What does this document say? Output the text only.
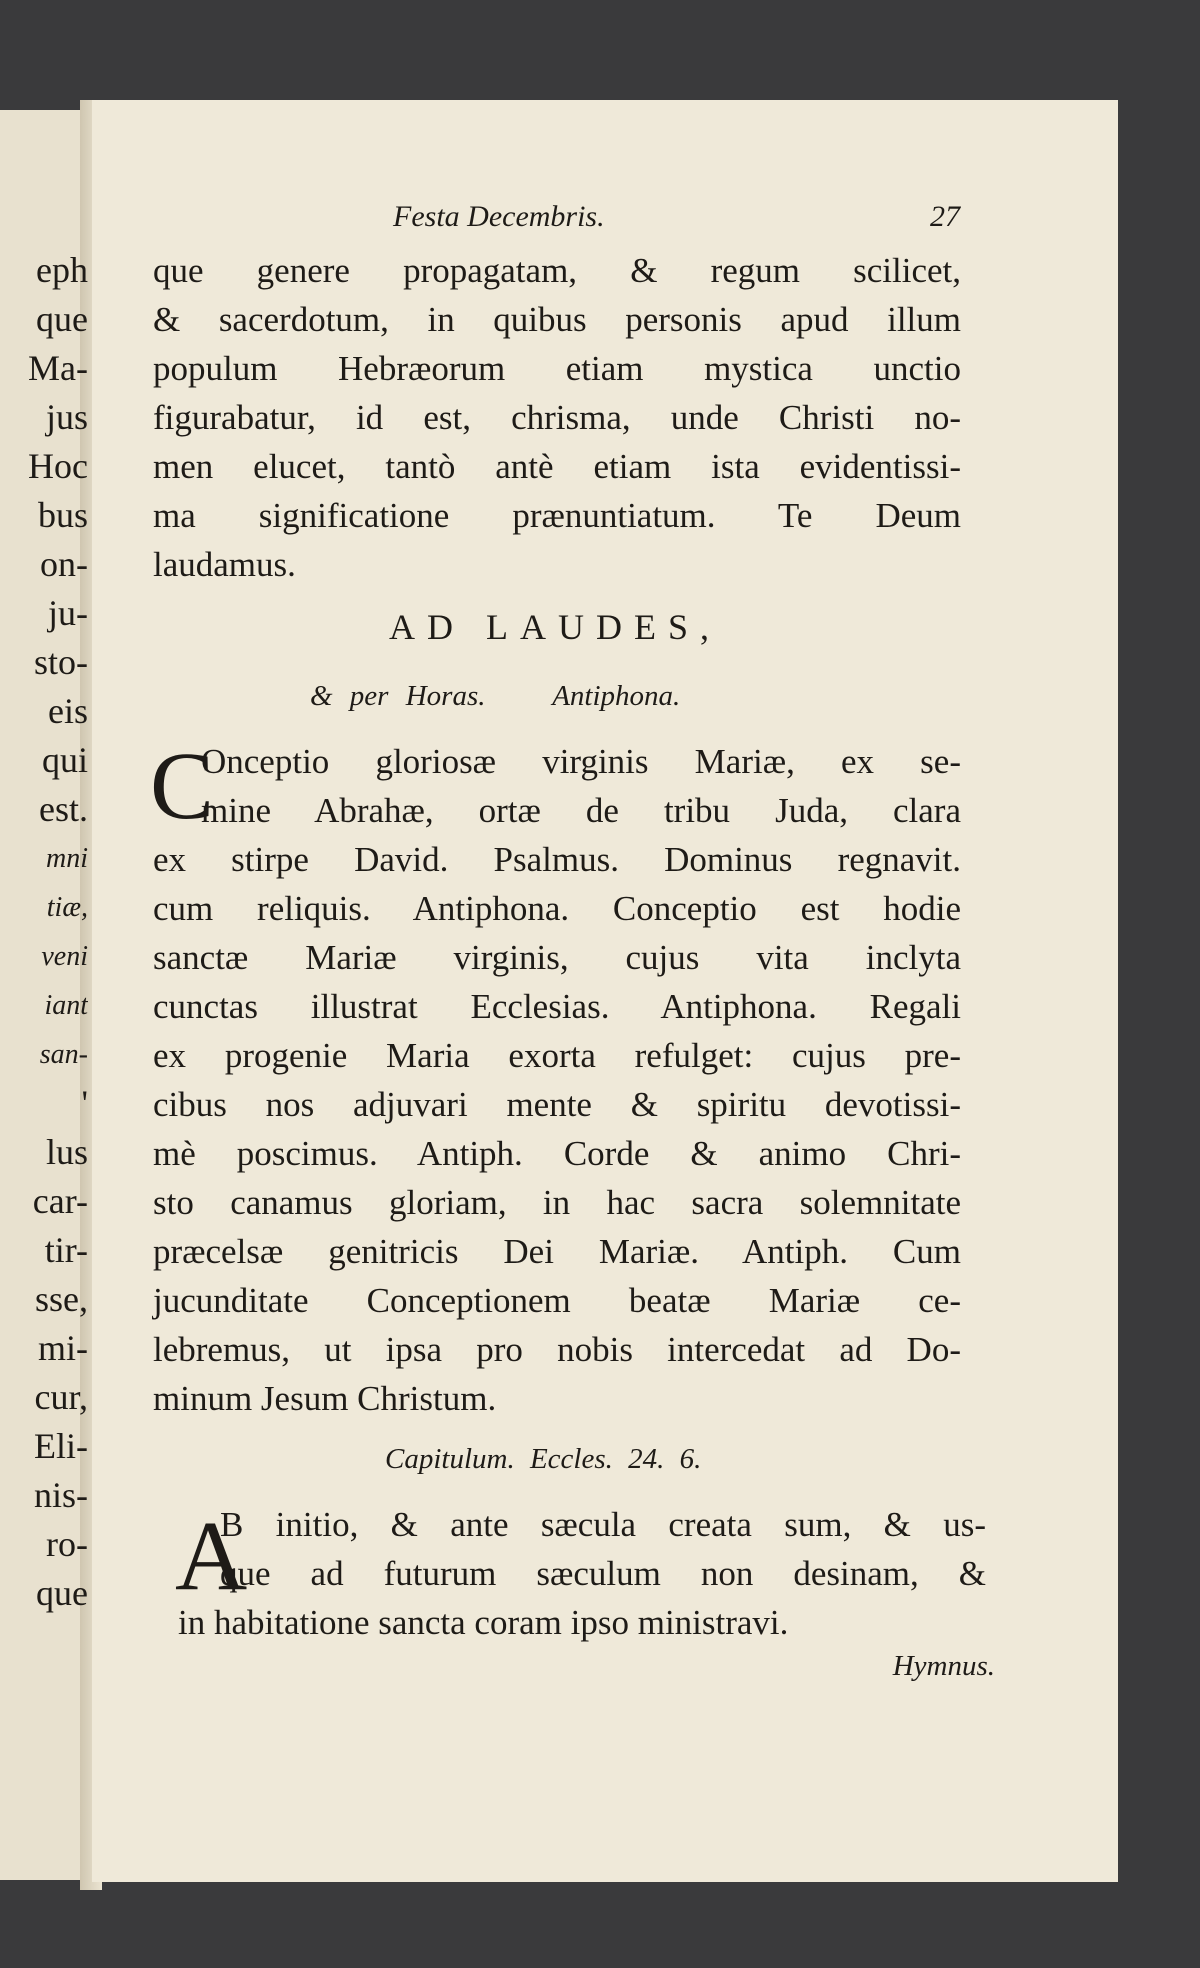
eph
que
Ma-
jus
Hoc
bus
on-
ju-
sto-
eis
qui
est.
mni
tiæ,
veni
iant
san-
'
lus
car-
tir-
sse,
mi-
cur,
Eli-
nis-
ro-
que
Festa Decembris.	27
que genere propagatam, & regum scilicet,
& sacerdotum, in quibus personis apud illum
populum Hebræorum etiam mystica unctio
figurabatur, id est, chrisma, unde Christi no-
men elucet, tantò antè etiam ista evidentissi-
ma significatione prænuntiatum. Te Deum
laudamus.
AD LAUDES,
& per Horas. Antiphona.
C
Onceptio gloriosæ virginis Mariæ, ex se-
mine Abrahæ, ortæ de tribu Juda, clara
ex stirpe David. Psalmus. Dominus regnavit.
cum reliquis. Antiphona. Conceptio est hodie
sanctæ Mariæ virginis, cujus vita inclyta
cunctas illustrat Ecclesias. Antiphona. Regali
ex progenie Maria exorta refulget: cujus pre-
cibus nos adjuvari mente & spiritu devotissi-
mè poscimus. Antiph. Corde & animo Chri-
sto canamus gloriam, in hac sacra solemnitate
præcelsæ genitricis Dei Mariæ. Antiph. Cum
jucunditate Conceptionem beatæ Mariæ ce-
lebremus, ut ipsa pro nobis intercedat ad Do-
minum Jesum Christum.
Capitulum. Eccles. 24. 6.
A
B initio, & ante sæcula creata sum, & us-
que ad futurum sæculum non desinam, &
in habitatione sancta coram ipso ministravi.
Hymnus.
